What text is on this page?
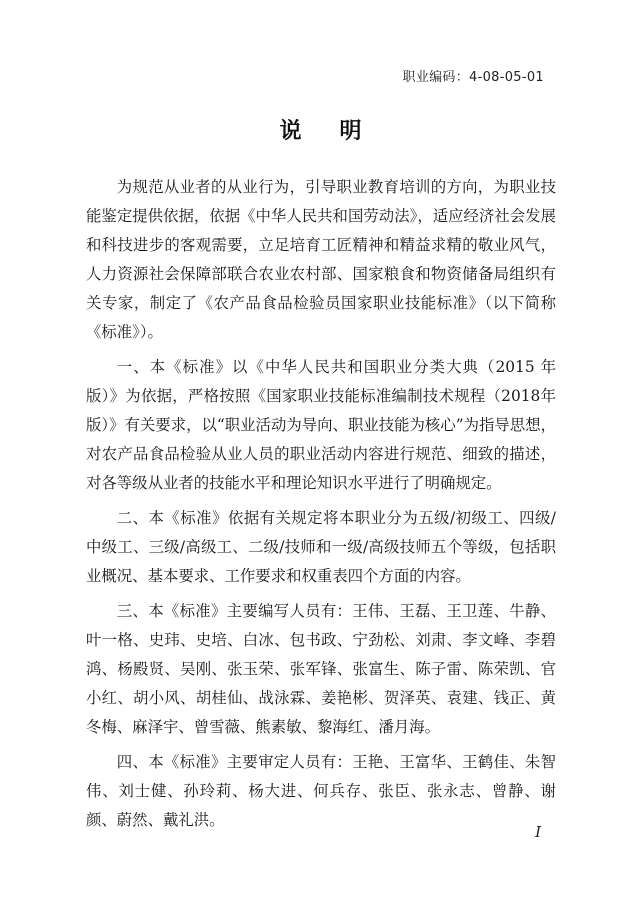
职业编码：4-08-05-01
说明

为规范从业者的从业行为，引导职业教育培训的方向，为职业技能鉴定提供依据，依据《中华人民共和国劳动法》，适应经济社会发展和科技进步的客观需要，立足培育工匠精神和精益求精的敬业风气，人力资源社会保障部联合农业农村部、国家粮食和物资储备局组织有关专家，制定了《农产品食品检验员国家职业技能标准》（以下简称《标准》）。

一、本《标准》以《中华人民共和国职业分类大典（2015 年版）》为依据，严格按照《国家职业技能标准编制技术规程（2018年版）》有关要求，以“职业活动为导向、职业技能为核心”为指导思想，对农产品食品检验从业人员的职业活动内容进行规范、细致的描述，对各等级从业者的技能水平和理论知识水平进行了明确规定。

二、本《标准》依据有关规定将本职业分为五级/初级工、四级/中级工、三级/高级工、二级/技师和一级/高级技师五个等级，包括职业概况、基本要求、工作要求和权重表四个方面的内容。

三、本《标准》主要编写人员有：王伟、王磊、王卫莲、牛静、叶一格、史玮、史培、白冰、包书政、宁劲松、刘肃、李文峰、李碧鸿、杨殿贤、吴刚、张玉荣、张军锋、张富生、陈子雷、陈荣凯、官小红、胡小风、胡桂仙、战泳霖、姜艳彬、贺泽英、袁建、钱正、黄冬梅、麻泽宇、曾雪薇、熊素敏、黎海红、潘月海。

四、本《标准》主要审定人员有：王艳、王富华、王鹤佳、朱智伟、刘士健、孙玲莉、杨大进、何兵存、张臣、张永志、曾静、谢颜、蔚然、戴礼洪。

I
